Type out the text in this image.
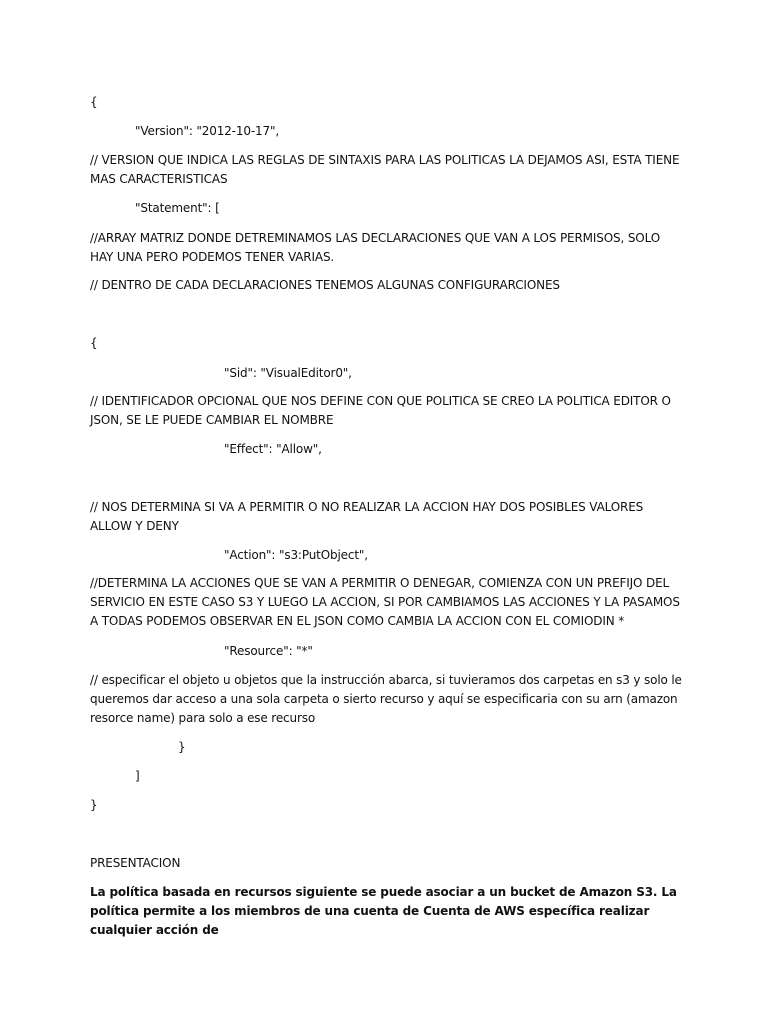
{
"Version": "2012-10-17",
// VERSION QUE INDICA LAS REGLAS DE SINTAXIS PARA LAS POLITICAS LA DEJAMOS ASI, ESTA TIENE MAS CARACTERISTICAS
"Statement": [
//ARRAY MATRIZ DONDE DETREMINAMOS LAS DECLARACIONES QUE VAN A LOS PERMISOS, SOLO HAY UNA PERO PODEMOS TENER VARIAS.
// DENTRO DE CADA DECLARACIONES TENEMOS ALGUNAS CONFIGURARCIONES
{
"Sid": "VisualEditor0",
// IDENTIFICADOR OPCIONAL QUE NOS DEFINE CON QUE POLITICA SE CREO LA POLITICA EDITOR O JSON, SE LE PUEDE CAMBIAR EL NOMBRE
"Effect": "Allow",
// NOS DETERMINA SI VA A PERMITIR O NO REALIZAR LA ACCION HAY DOS POSIBLES VALORES ALLOW Y DENY
"Action": "s3:PutObject",
//DETERMINA LA ACCIONES QUE SE VAN A PERMITIR O DENEGAR, COMIENZA CON UN PREFIJO DEL SERVICIO EN ESTE CASO S3 Y LUEGO LA ACCION, SI POR CAMBIAMOS LAS ACCIONES Y LA PASAMOS A TODAS PODEMOS OBSERVAR EN EL JSON COMO CAMBIA LA ACCION CON EL COMIODIN *
"Resource": "*"
// especificar el objeto u objetos que la instrucción abarca, si tuvieramos dos carpetas en s3 y solo le queremos dar acceso a una sola carpeta o sierto recurso y aquí se especificaria con su arn (amazon resorce name) para solo a ese recurso
}
]
}
PRESENTACION
La política basada en recursos siguiente se puede asociar a un bucket de Amazon S3. La política permite a los miembros de una cuenta de Cuenta de AWS específica realizar cualquier acción de
